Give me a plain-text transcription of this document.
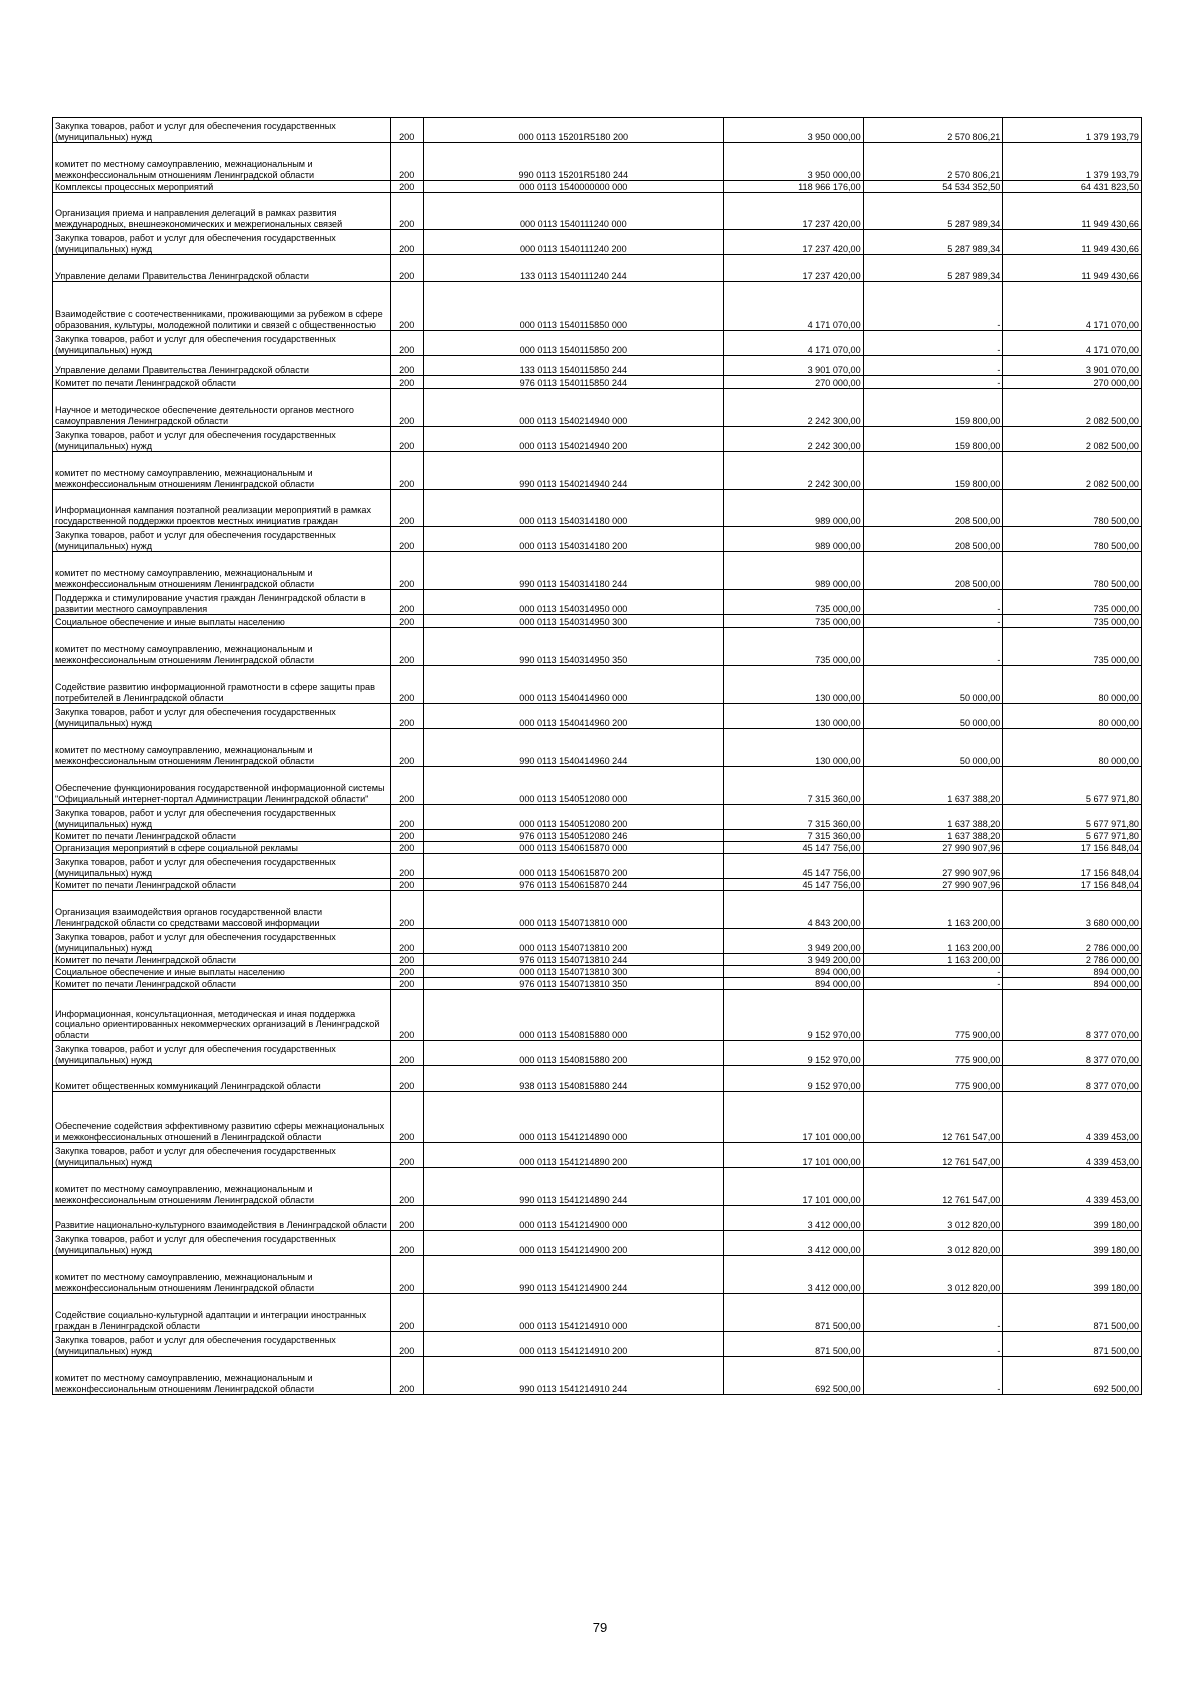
Закупка товаров, работ и услуг для обеспечения государственных (муниципальных) нужд	200	000 0113 15201R5180 200	3 950 000,00	2 570 806,21	1 379 193,79
комитет по местному самоуправлению, межнациональным и межконфессиональным отношениям Ленинградской области	200	990 0113 15201R5180 244	3 950 000,00	2 570 806,21	1 379 193,79
Комплексы процессных мероприятий	200	000 0113 1540000000 000	118 966 176,00	54 534 352,50	64 431 823,50
Организация приема и направления делегаций в рамках развития международных, внешнеэкономических и межрегиональных связей	200	000 0113 1540111240 000	17 237 420,00	5 287 989,34	11 949 430,66
Закупка товаров, работ и услуг для обеспечения государственных (муниципальных) нужд	200	000 0113 1540111240 200	17 237 420,00	5 287 989,34	11 949 430,66
Управление делами Правительства Ленинградской области	200	133 0113 1540111240 244	17 237 420,00	5 287 989,34	11 949 430,66
Взаимодействие с соотечественниками, проживающими за рубежом в сфере образования, культуры, молодежной политики и связей с общественностью	200	000 0113 1540115850 000	4 171 070,00	-	4 171 070,00
Закупка товаров, работ и услуг для обеспечения государственных (муниципальных) нужд	200	000 0113 1540115850 200	4 171 070,00	-	4 171 070,00
Управление делами Правительства Ленинградской области	200	133 0113 1540115850 244	3 901 070,00	-	3 901 070,00
Комитет по печати Ленинградской области	200	976 0113 1540115850 244	270 000,00	-	270 000,00
Научное и методическое обеспечение деятельности органов местного самоуправления Ленинградской области	200	000 0113 1540214940 000	2 242 300,00	159 800,00	2 082 500,00
Закупка товаров, работ и услуг для обеспечения государственных (муниципальных) нужд	200	000 0113 1540214940 200	2 242 300,00	159 800,00	2 082 500,00
комитет по местному самоуправлению, межнациональным и межконфессиональным отношениям Ленинградской области	200	990 0113 1540214940 244	2 242 300,00	159 800,00	2 082 500,00
Информационная кампания поэтапной реализации мероприятий в рамках государственной поддержки проектов местных инициатив граждан	200	000 0113 1540314180 000	989 000,00	208 500,00	780 500,00
Закупка товаров, работ и услуг для обеспечения государственных (муниципальных) нужд	200	000 0113 1540314180 200	989 000,00	208 500,00	780 500,00
комитет по местному самоуправлению, межнациональным и межконфессиональным отношениям Ленинградской области	200	990 0113 1540314180 244	989 000,00	208 500,00	780 500,00
Поддержка и стимулирование участия граждан Ленинградской области в развитии местного самоуправления	200	000 0113 1540314950 000	735 000,00	-	735 000,00
Социальное обеспечение и иные выплаты населению	200	000 0113 1540314950 300	735 000,00	-	735 000,00
комитет по местному самоуправлению, межнациональным и межконфессиональным отношениям Ленинградской области	200	990 0113 1540314950 350	735 000,00	-	735 000,00
Содействие развитию информационной грамотности в сфере защиты прав потребителей в Ленинградской области	200	000 0113 1540414960 000	130 000,00	50 000,00	80 000,00
Закупка товаров, работ и услуг для обеспечения государственных (муниципальных) нужд	200	000 0113 1540414960 200	130 000,00	50 000,00	80 000,00
комитет по местному самоуправлению, межнациональным и межконфессиональным отношениям Ленинградской области	200	990 0113 1540414960 244	130 000,00	50 000,00	80 000,00
Обеспечение функционирования государственной информационной системы "Официальный интернет-портал Администрации Ленинградской области"	200	000 0113 1540512080 000	7 315 360,00	1 637 388,20	5 677 971,80
Закупка товаров, работ и услуг для обеспечения государственных (муниципальных) нужд	200	000 0113 1540512080 200	7 315 360,00	1 637 388,20	5 677 971,80
Комитет по печати Ленинградской области	200	976 0113 1540512080 246	7 315 360,00	1 637 388,20	5 677 971,80
Организация мероприятий в сфере социальной рекламы	200	000 0113 1540615870 000	45 147 756,00	27 990 907,96	17 156 848,04
Закупка товаров, работ и услуг для обеспечения государственных (муниципальных) нужд	200	000 0113 1540615870 200	45 147 756,00	27 990 907,96	17 156 848,04
Комитет по печати Ленинградской области	200	976 0113 1540615870 244	45 147 756,00	27 990 907,96	17 156 848,04
Организация взаимодействия органов государственной власти Ленинградской области со средствами массовой информации	200	000 0113 1540713810 000	4 843 200,00	1 163 200,00	3 680 000,00
Закупка товаров, работ и услуг для обеспечения государственных (муниципальных) нужд	200	000 0113 1540713810 200	3 949 200,00	1 163 200,00	2 786 000,00
Комитет по печати Ленинградской области	200	976 0113 1540713810 244	3 949 200,00	1 163 200,00	2 786 000,00
Социальное обеспечение и иные выплаты населению	200	000 0113 1540713810 300	894 000,00	-	894 000,00
Комитет по печати Ленинградской области	200	976 0113 1540713810 350	894 000,00	-	894 000,00
Информационная, консультационная, методическая и иная поддержка социально ориентированных некоммерческих организаций в Ленинградской области	200	000 0113 1540815880 000	9 152 970,00	775 900,00	8 377 070,00
Закупка товаров, работ и услуг для обеспечения государственных (муниципальных) нужд	200	000 0113 1540815880 200	9 152 970,00	775 900,00	8 377 070,00
Комитет общественных коммуникаций Ленинградской области	200	938 0113 1540815880 244	9 152 970,00	775 900,00	8 377 070,00
Обеспечение содействия эффективному развитию сферы межнациональных и межконфессиональных отношений в Ленинградской области	200	000 0113 1541214890 000	17 101 000,00	12 761 547,00	4 339 453,00
Закупка товаров, работ и услуг для обеспечения государственных (муниципальных) нужд	200	000 0113 1541214890 200	17 101 000,00	12 761 547,00	4 339 453,00
комитет по местному самоуправлению, межнациональным и межконфессиональным отношениям Ленинградской области	200	990 0113 1541214890 244	17 101 000,00	12 761 547,00	4 339 453,00
Развитие национально-культурного взаимодействия в Ленинградской области	200	000 0113 1541214900 000	3 412 000,00	3 012 820,00	399 180,00
Закупка товаров, работ и услуг для обеспечения государственных (муниципальных) нужд	200	000 0113 1541214900 200	3 412 000,00	3 012 820,00	399 180,00
комитет по местному самоуправлению, межнациональным и межконфессиональным отношениям Ленинградской области	200	990 0113 1541214900 244	3 412 000,00	3 012 820,00	399 180,00
Содействие социально-культурной адаптации и интеграции иностранных граждан в Ленинградской области	200	000 0113 1541214910 000	871 500,00	-	871 500,00
Закупка товаров, работ и услуг для обеспечения государственных (муниципальных) нужд	200	000 0113 1541214910 200	871 500,00	-	871 500,00
комитет по местному самоуправлению, межнациональным и межконфессиональным отношениям Ленинградской области	200	990 0113 1541214910 244	692 500,00	-	692 500,00
79
